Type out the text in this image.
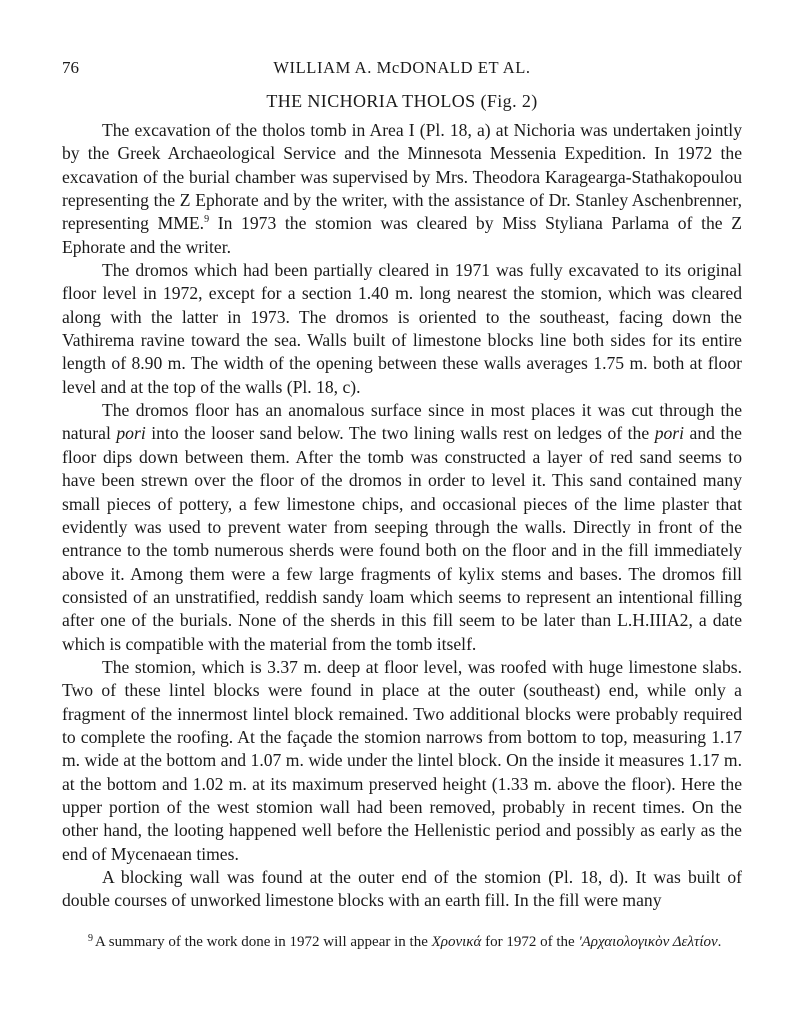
76	WILLIAM A. McDONALD ET AL.
THE NICHORIA THOLOS (Fig. 2)

The excavation of the tholos tomb in Area I (Pl. 18, a) at Nichoria was undertaken jointly by the Greek Archaeological Service and the Minnesota Messenia Expedition. In 1972 the excavation of the burial chamber was supervised by Mrs. Theodora Karagearga-Stathakopoulou representing the Z Ephorate and by the writer, with the assistance of Dr. Stanley Aschenbrenner, representing MME.$^9$ In 1973 the stomion was cleared by Miss Styliana Parlama of the Z Ephorate and the writer.

The dromos which had been partially cleared in 1971 was fully excavated to its original floor level in 1972, except for a section 1.40 m. long nearest the stomion, which was cleared along with the latter in 1973. The dromos is oriented to the southeast, facing down the Vathirema ravine toward the sea. Walls built of limestone blocks line both sides for its entire length of 8.90 m. The width of the opening between these walls averages 1.75 m. both at floor level and at the top of the walls (Pl. 18, c).

The dromos floor has an anomalous surface since in most places it was cut through the natural pori into the looser sand below. The two lining walls rest on ledges of the pori and the floor dips down between them. After the tomb was constructed a layer of red sand seems to have been strewn over the floor of the dromos in order to level it. This sand contained many small pieces of pottery, a few limestone chips, and occasional pieces of the lime plaster that evidently was used to prevent water from seeping through the walls. Directly in front of the entrance to the tomb numerous sherds were found both on the floor and in the fill immediately above it. Among them were a few large fragments of kylix stems and bases. The dromos fill consisted of an unstratified, reddish sandy loam which seems to represent an intentional filling after one of the burials. None of the sherds in this fill seem to be later than L.H.IIIA2, a date which is compatible with the material from the tomb itself.

The stomion, which is 3.37 m. deep at floor level, was roofed with huge limestone slabs. Two of these lintel blocks were found in place at the outer (southeast) end, while only a fragment of the innermost lintel block remained. Two additional blocks were probably required to complete the roofing. At the façade the stomion narrows from bottom to top, measuring 1.17 m. wide at the bottom and 1.07 m. wide under the lintel block. On the inside it measures 1.17 m. at the bottom and 1.02 m. at its maximum preserved height (1.33 m. above the floor). Here the upper portion of the west stomion wall had been removed, probably in recent times. On the other hand, the looting happened well before the Hellenistic period and possibly as early as the end of Mycenaean times.

A blocking wall was found at the outer end of the stomion (Pl. 18, d). It was built of double courses of unworked limestone blocks with an earth fill. In the fill were many

$^9$ A summary of the work done in 1972 will appear in the Χρονικά for 1972 of the 'Αρχαιολογικὸν Δελτίον.
